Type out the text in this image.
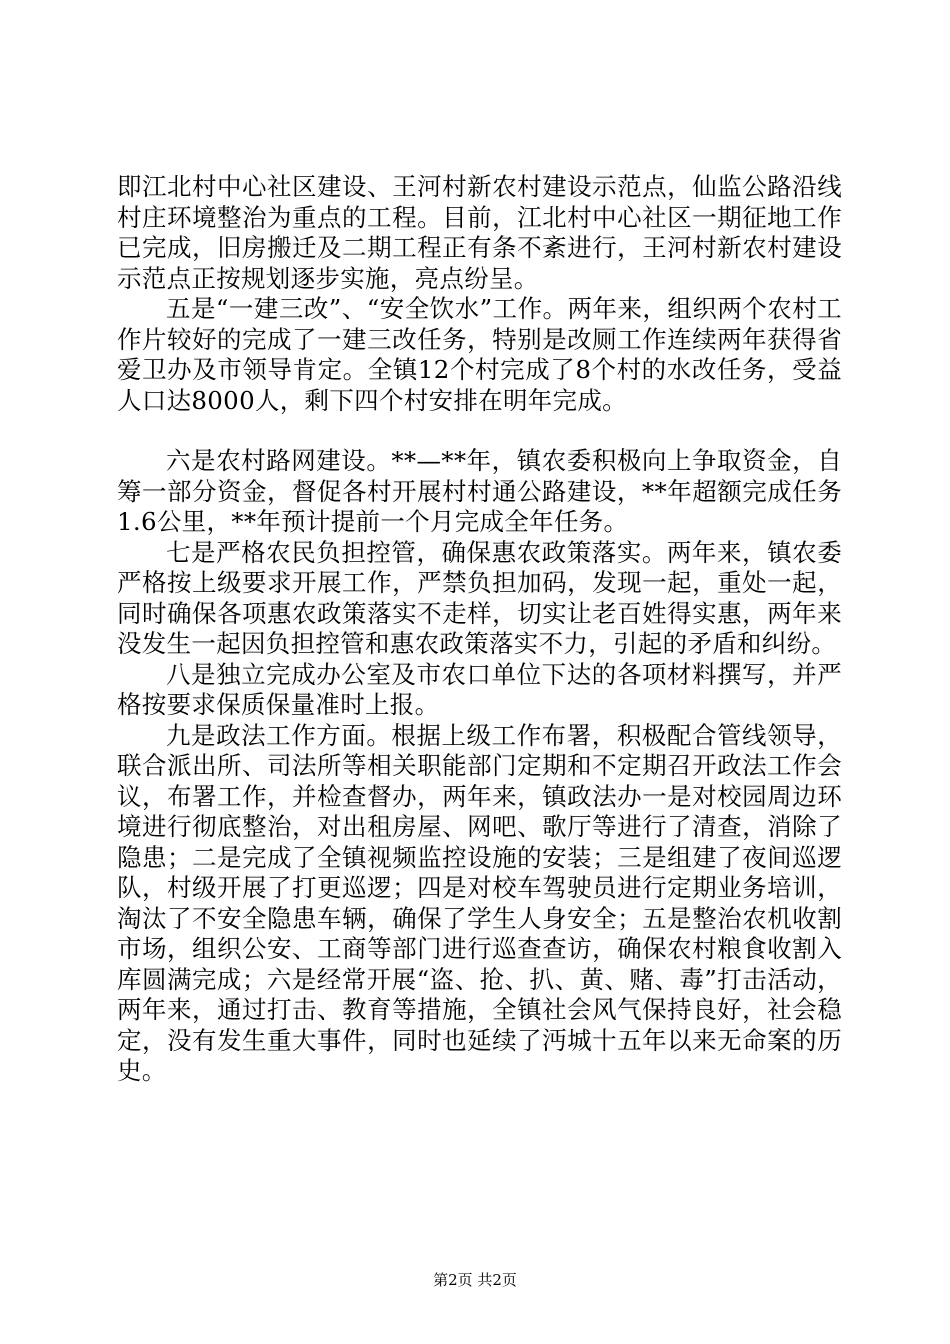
即江北村中心社区建设、王河村新农村建设示范点，仙监公路沿线村庄环境整治为重点的工程。目前，江北村中心社区一期征地工作已完成，旧房搬迁及二期工程正有条不紊进行，王河村新农村建设示范点正按规划逐步实施，亮点纷呈。

五是“一建三改”、“安全饮水”工作。两年来，组织两个农村工作片较好的完成了一建三改任务，特别是改厕工作连续两年获得省爱卫办及市领导肯定。全镇12个村完成了8个村的水改任务，受益人口达8000人，剩下四个村安排在明年完成。

六是农村路网建设。**—**年，镇农委积极向上争取资金，自筹一部分资金，督促各村开展村村通公路建设，**年超额完成任务1.6公里，**年预计提前一个月完成全年任务。

七是严格农民负担控管，确保惠农政策落实。两年来，镇农委严格按上级要求开展工作，严禁负担加码，发现一起，重处一起，同时确保各项惠农政策落实不走样，切实让老百姓得实惠，两年来没发生一起因负担控管和惠农政策落实不力，引起的矛盾和纠纷。

八是独立完成办公室及市农口单位下达的各项材料撰写，并严格按要求保质保量准时上报。

九是政法工作方面。根据上级工作布署，积极配合管线领导，联合派出所、司法所等相关职能部门定期和不定期召开政法工作会议，布署工作，并检查督办，两年来，镇政法办一是对校园周边环境进行彻底整治，对出租房屋、网吧、歌厅等进行了清查，消除了隐患；二是完成了全镇视频监控设施的安装；三是组建了夜间巡逻队，村级开展了打更巡逻；四是对校车驾驶员进行定期业务培训，淘汰了不安全隐患车辆，确保了学生人身安全；五是整治农机收割市场，组织公安、工商等部门进行巡查查访，确保农村粮食收割入库圆满完成；六是经常开展“盗、抢、扒、黄、赌、毒”打击活动，两年来，通过打击、教育等措施，全镇社会风气保持良好，社会稳定，没有发生重大事件，同时也延续了沔城十五年以来无命案的历史。

第2页 共2页
